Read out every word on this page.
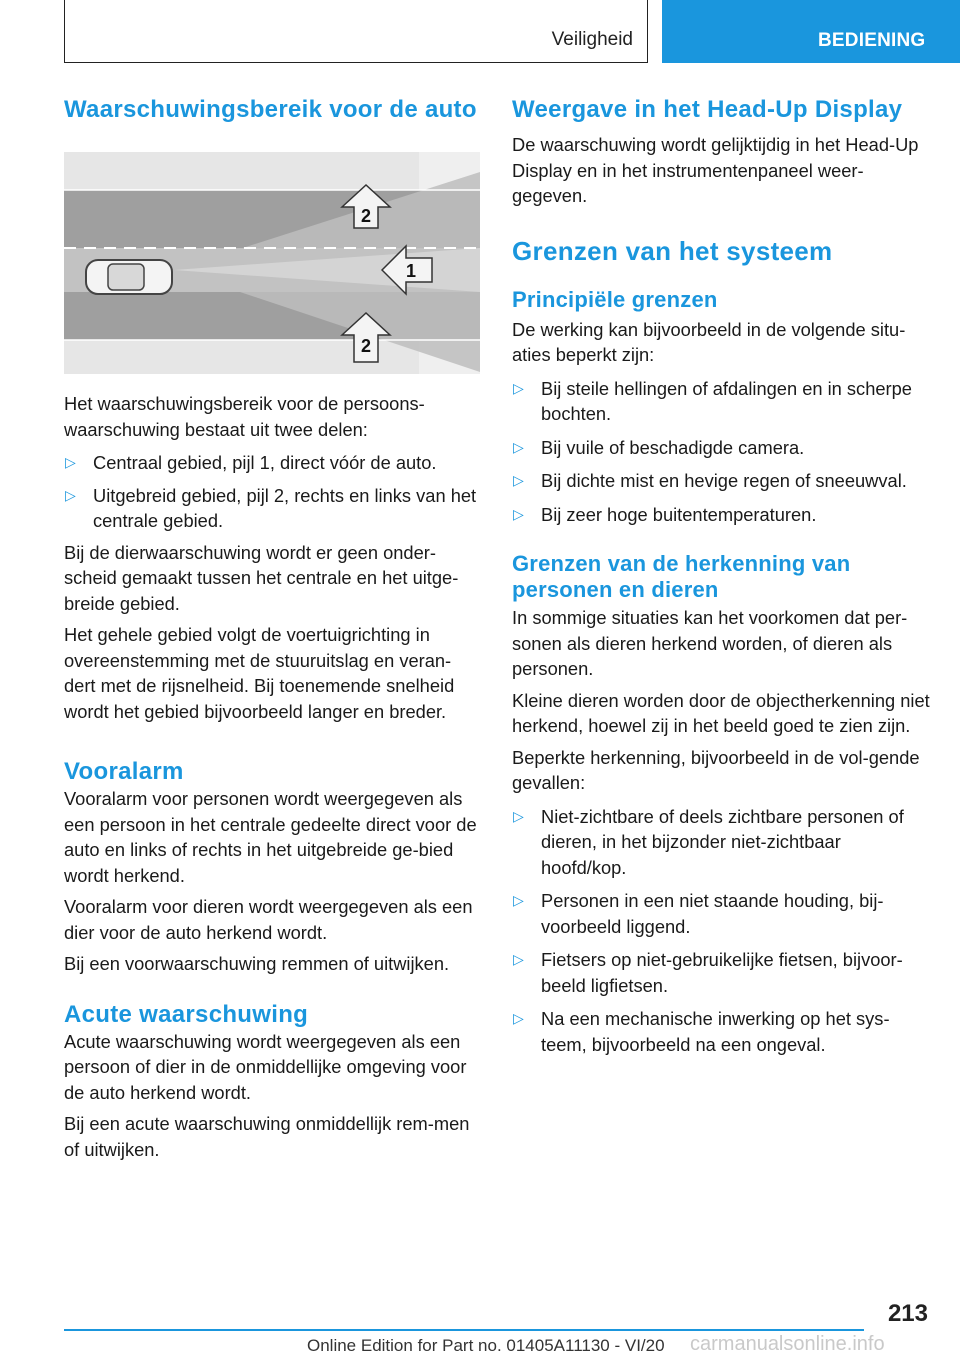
Veiligheid	BEDIENING
Waarschuwingsbereik voor de auto
2
1
2

Het waarschuwingsbereik voor de persoons-waarschuwing bestaat uit twee delen:

▷ Centraal gebied, pijl 1, direct vóór de auto.
▷ Uitgebreid gebied, pijl 2, rechts en links van het centrale gebied.

Bij de dierwaarschuwing wordt er geen onder-scheid gemaakt tussen het centrale en het uitge-breide gebied.

Het gehele gebied volgt de voertuigrichting in overeenstemming met de stuuruitslag en veran-dert met de rijsnelheid. Bij toenemende snelheid wordt het gebied bijvoorbeeld langer en breder.

Vooralarm

Vooralarm voor personen wordt weergegeven als een persoon in het centrale gedeelte direct voor de auto en links of rechts in het uitgebreide ge-bied wordt herkend.

Vooralarm voor dieren wordt weergegeven als een dier voor de auto herkend wordt.

Bij een voorwaarschuwing remmen of uitwijken.

Acute waarschuwing

Acute waarschuwing wordt weergegeven als een persoon of dier in de onmiddellijke omgeving voor de auto herkend wordt.

Bij een acute waarschuwing onmiddellijk rem-men of uitwijken.

Weergave in het Head-Up Display

De waarschuwing wordt gelijktijdig in het Head-Up Display en in het instrumentenpaneel weer-gegeven.

Grenzen van het systeem
Principiële grenzen

De werking kan bijvoorbeeld in de volgende situ-aties beperkt zijn:

▷ Bij steile hellingen of afdalingen en in scherpe bochten.
▷ Bij vuile of beschadigde camera.
▷ Bij dichte mist en hevige regen of sneeuwval.
▷ Bij zeer hoge buitentemperaturen.
Grenzen van de herkenning van personen en dieren

In sommige situaties kan het voorkomen dat per-sonen als dieren herkend worden, of dieren als personen.

Kleine dieren worden door de objectherkenning niet herkend, hoewel zij in het beeld goed te zien zijn.

Beperkte herkenning, bijvoorbeeld in de vol-gende gevallen:

▷ Niet-zichtbare of deels zichtbare personen of dieren, in het bijzonder niet-zichtbaar hoofd/kop.
▷ Personen in een niet staande houding, bij-voorbeeld liggend.
▷ Fietsers op niet-gebruikelijke fietsen, bijvoor-beeld ligfietsen.
▷ Na een mechanische inwerking op het sys-teem, bijvoorbeeld na een ongeval.
213
Online Edition for Part no. 01405A11130 - VI/20 carmanualsonline.info
